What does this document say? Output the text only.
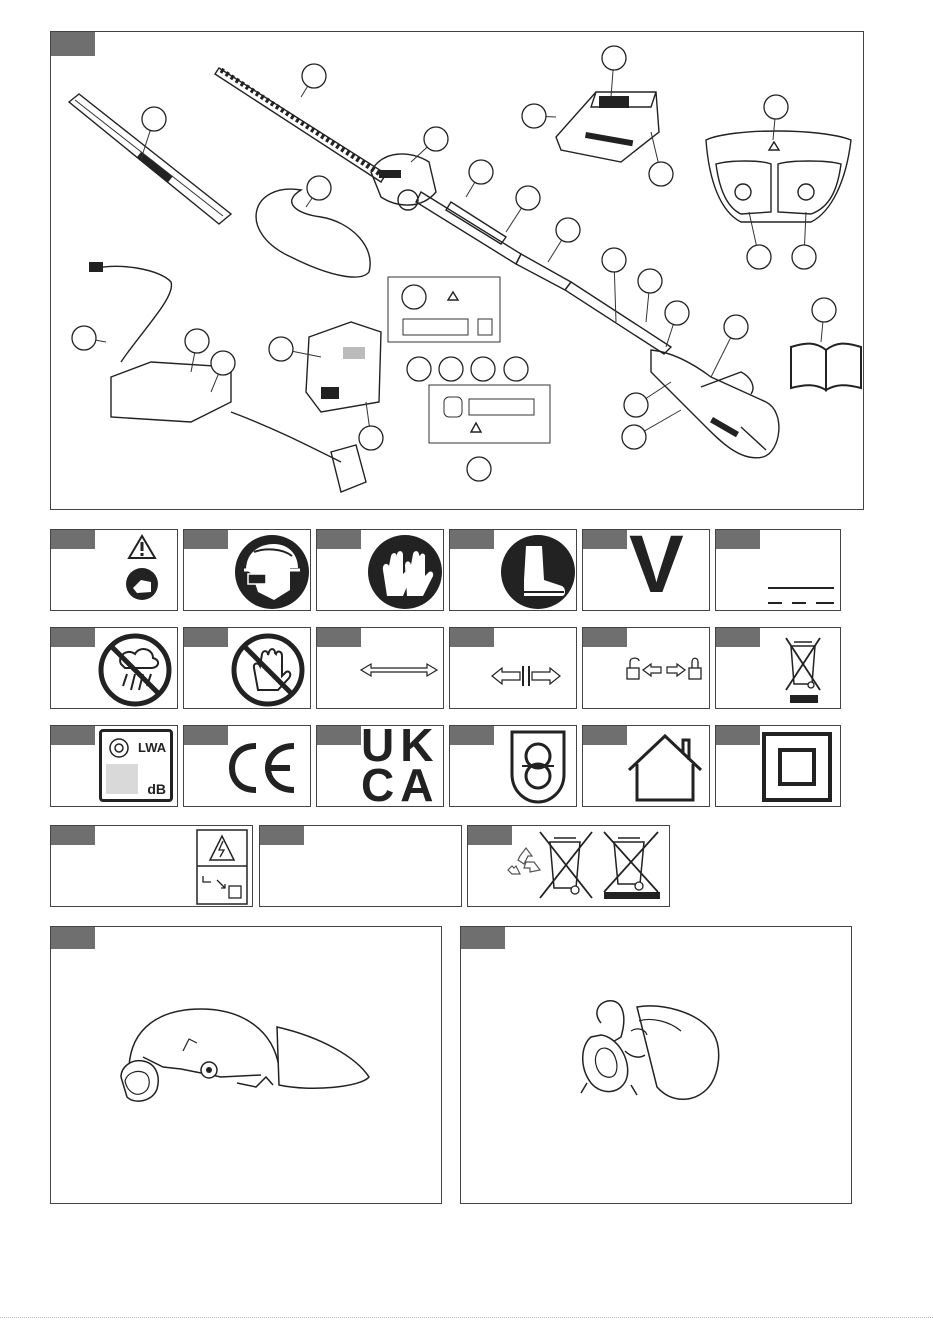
V
LWA
dB
UK
CA
